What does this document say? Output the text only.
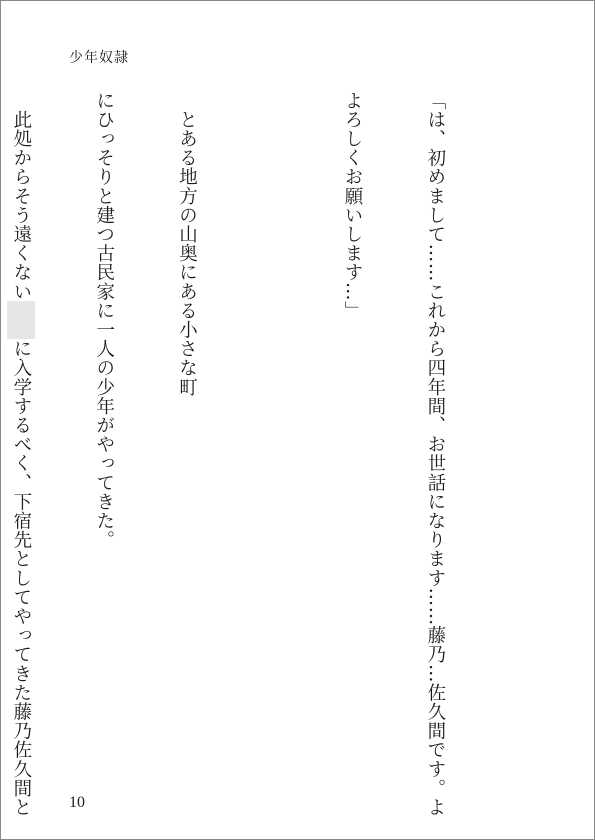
少年奴隷

「は、初めまして……これから四年間、お世話になります……藤乃…佐久間です。よ

よろしくお願いします…」

　とある地方の山奥にある小さな町

にひっそりと建つ古民家に一人の少年がやってきた。

　此処からそう遠くない　　に入学するべく、下宿先としてやってきた藤乃佐久間と

10
